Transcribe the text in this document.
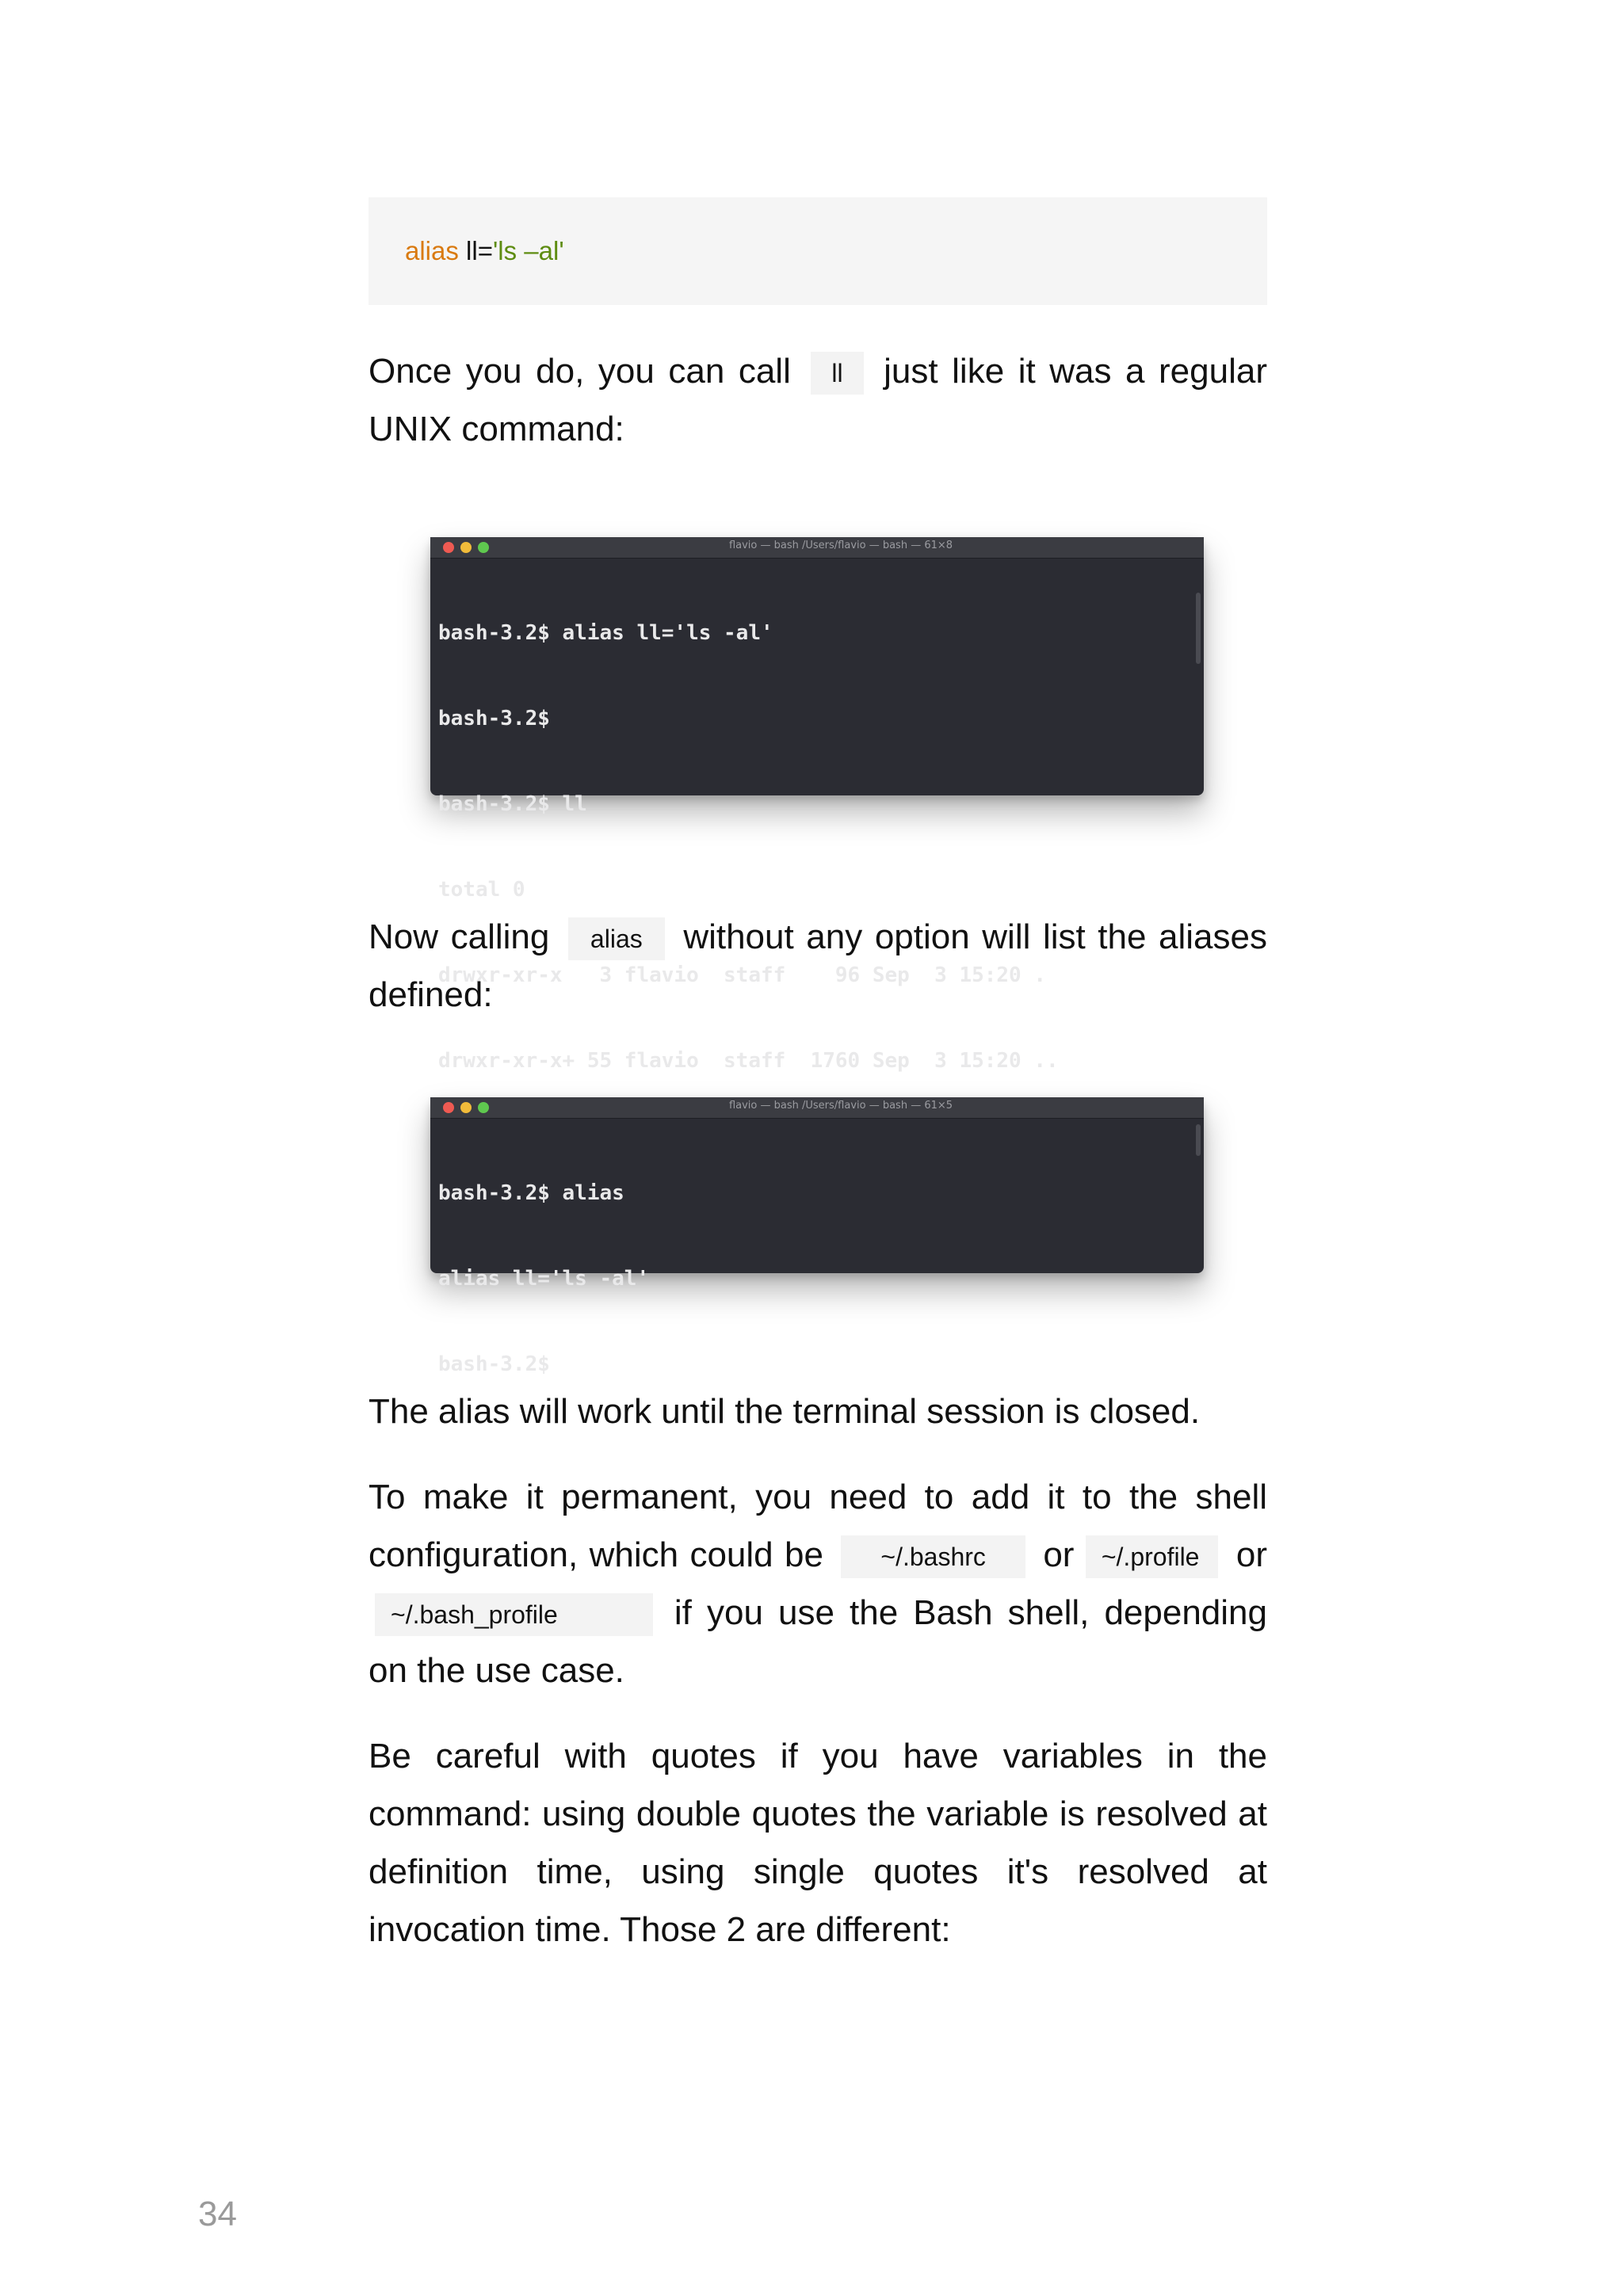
alias
ll= 'ls –al'
Once you do, you can call ll just like it was a regular UNIX command:
flavio — bash /Users/flavio — bash — 61×8

bash-3.2$ alias ll='ls -al'

bash-3.2$

bash-3.2$ ll

total 0

drwxr-xr-x   3 flavio  staff    96 Sep  3 15:20 .

drwxr-xr-x+ 55 flavio  staff  1760 Sep  3 15:20 ..

Now calling alias without any option will list the aliases defined:
flavio — bash /Users/flavio — bash — 61×5

bash-3.2$ alias

alias ll='ls -al'

bash-3.2$

The alias will work until the terminal session is closed.
To make it permanent, you need to add it to the shell configuration, which could be ~/.bashrc or ~/.profile or ~/.bash_profile	if you use the Bash shell, depending on the use case.
Be careful with quotes if you have variables in the command: using double quotes the variable is resolved at definition time, using single quotes it's resolved at invocation time. Those 2 are different:
34
